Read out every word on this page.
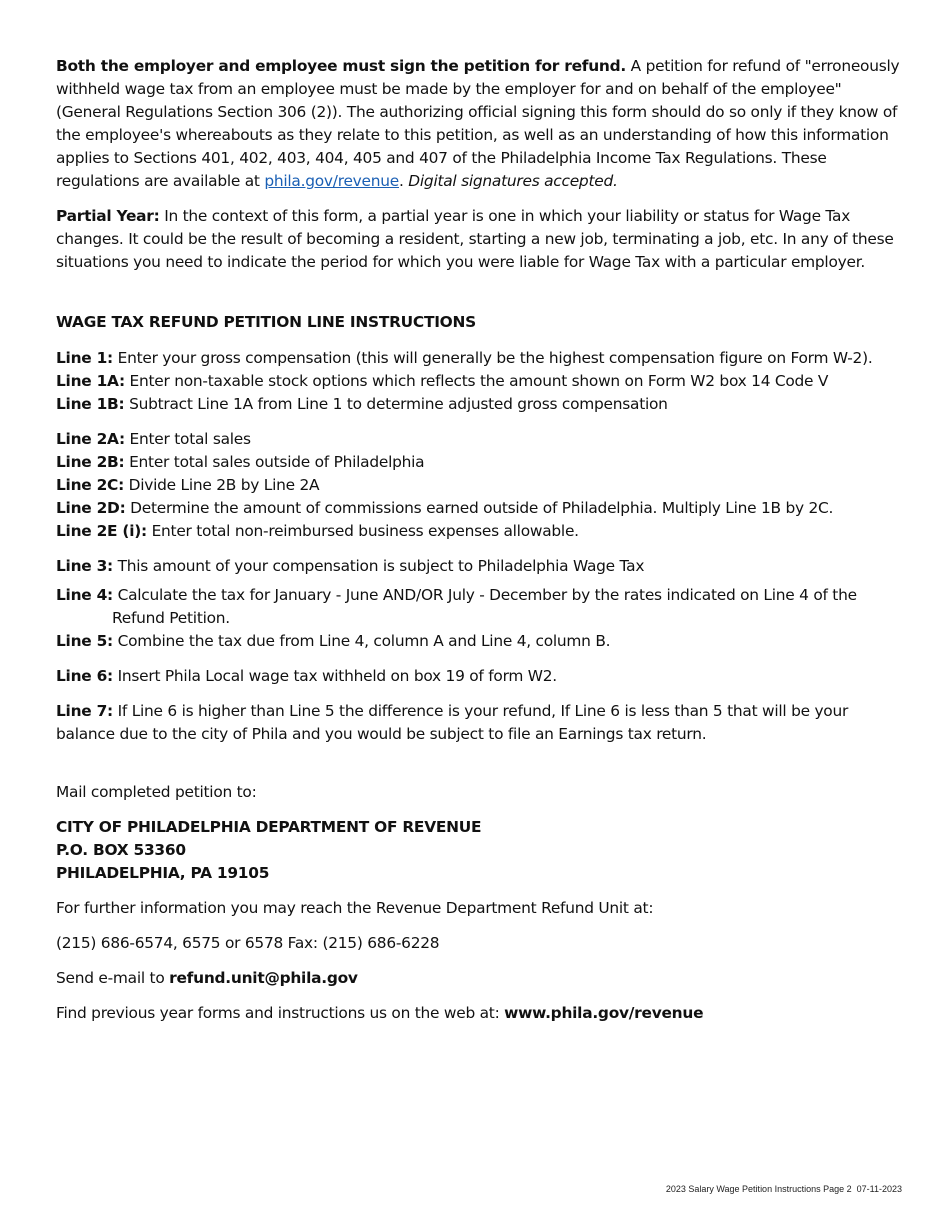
Both the employer and employee must sign the petition for refund. A petition for refund of "erroneously withheld wage tax from an employee must be made by the employer for and on behalf of the employee" (General Regulations Section 306 (2)). The authorizing official signing this form should do so only if they know of the employee's whereabouts as they relate to this petition, as well as an understanding of how this information applies to Sections 401, 402, 403, 404, 405 and 407 of the Philadelphia Income Tax Regulations. These regulations are available at phila.gov/revenue. Digital signatures accepted.

Partial Year: In the context of this form, a partial year is one in which your liability or status for Wage Tax changes. It could be the result of becoming a resident, starting a new job, terminating a job, etc. In any of these situations you need to indicate the period for which you were liable for Wage Tax with a particular employer.

WAGE TAX REFUND PETITION LINE INSTRUCTIONS

Line 1: Enter your gross compensation (this will generally be the highest compensation figure on Form W-2).
Line 1A: Enter non-taxable stock options which reflects the amount shown on Form W2 box 14 Code V
Line 1B: Subtract Line 1A from Line 1 to determine adjusted gross compensation
Line 2A: Enter total sales
Line 2B: Enter total sales outside of Philadelphia
Line 2C: Divide Line 2B by Line 2A
Line 2D: Determine the amount of commissions earned outside of Philadelphia. Multiply Line 1B by 2C.
Line 2E (i): Enter total non-reimbursed business expenses allowable.

Line 3: This amount of your compensation is subject to Philadelphia Wage Tax

Line 4: Calculate the tax for January - June AND/OR July - December by the rates indicated on Line 4 of the
Refund Petition.
Line 5: Combine the tax due from Line 4, column A and Line 4, column B.

Line 6: Insert Phila Local wage tax withheld on box 19 of form W2.

Line 7: If Line 6 is higher than Line 5 the difference is your refund, If Line 6 is less than 5 that will be your balance due to the city of Phila and you would be subject to file an Earnings tax return.

Mail completed petition to:

CITY OF PHILADELPHIA DEPARTMENT OF REVENUE
P.O. BOX 53360
PHILADELPHIA, PA 19105

For further information you may reach the Revenue Department Refund Unit at:

(215) 686-6574, 6575 or 6578 Fax: (215) 686-6228

Send e-mail to refund.unit@phila.gov

Find previous year forms and instructions us on the web at: www.phila.gov/revenue

2023 Salary Wage Petition Instructions Page 2  07-11-2023
